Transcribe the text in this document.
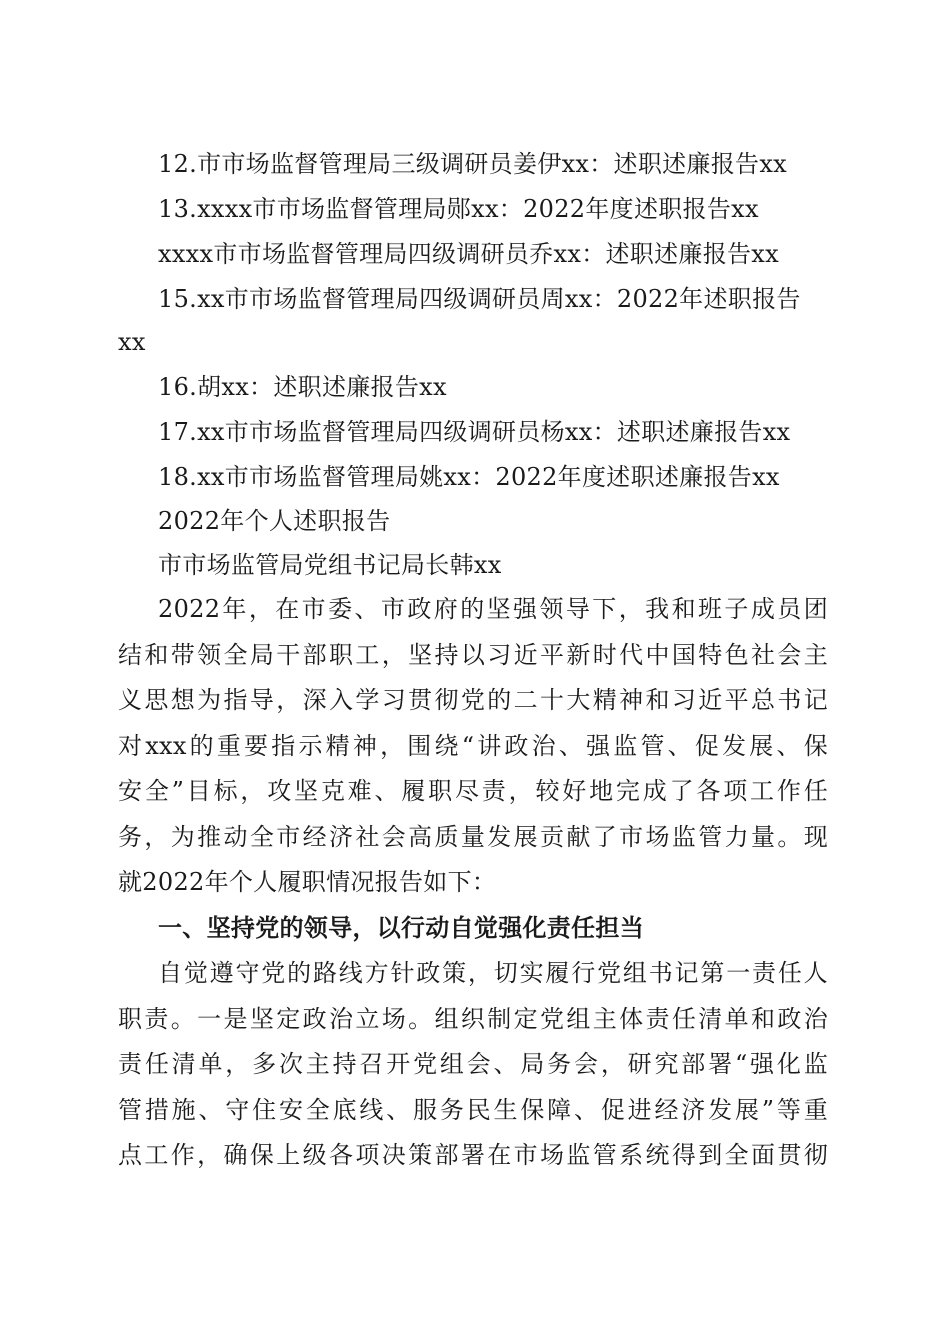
12.市市场监督管理局三级调研员姜伊xx：述职述廉报告xx
13.xxxx市市场监督管理局郧xx：2022年度述职报告xx
xxxx市市场监督管理局四级调研员乔xx：述职述廉报告xx
15.xx市市场监督管理局四级调研员周xx：2022年述职报告
xx
16.胡xx：述职述廉报告xx
17.xx市市场监督管理局四级调研员杨xx：述职述廉报告xx
18.xx市市场监督管理局姚xx：2022年度述职述廉报告xx
2022年个人述职报告
市市场监管局党组书记局长韩xx
2022年，在市委、市政府的坚强领导下，我和班子成员团
结和带领全局干部职工，坚持以习近平新时代中国特色社会主
义思想为指导，深入学习贯彻党的二十大精神和习近平总书记
对xxx的重要指示精神，围绕“讲政治、强监管、促发展、保
安全”目标，攻坚克难、履职尽责，较好地完成了各项工作任
务，为推动全市经济社会高质量发展贡献了市场监管力量。现
就2022年个人履职情况报告如下：
一、坚持党的领导，以行动自觉强化责任担当
自觉遵守党的路线方针政策，切实履行党组书记第一责任人
职责。一是坚定政治立场。组织制定党组主体责任清单和政治
责任清单，多次主持召开党组会、局务会，研究部署“强化监
管措施、守住安全底线、服务民生保障、促进经济发展”等重
点工作，确保上级各项决策部署在市场监管系统得到全面贯彻
